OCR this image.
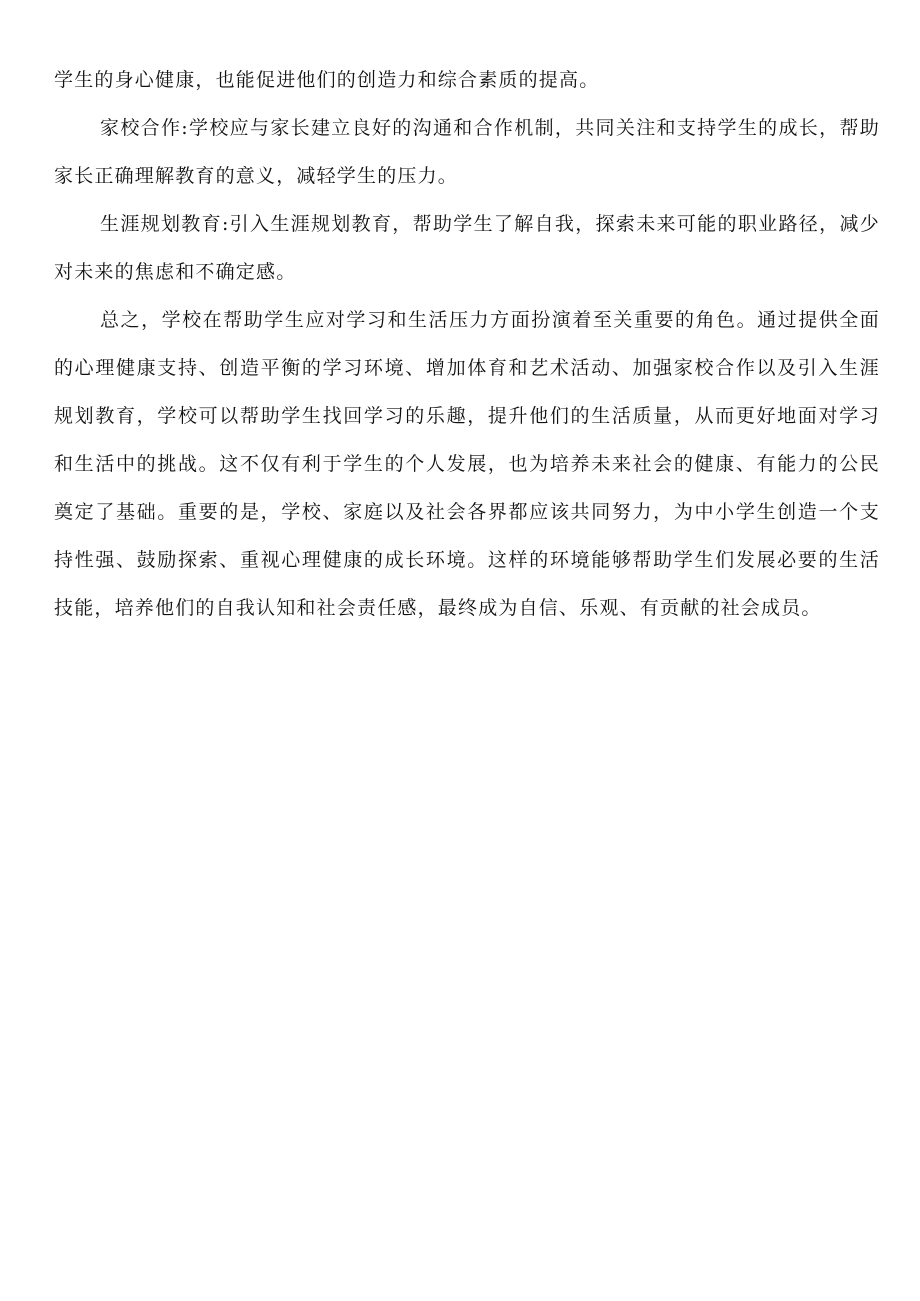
学生的身心健康，也能促进他们的创造力和综合素质的提高。

家校合作:学校应与家长建立良好的沟通和合作机制，共同关注和支持学生的成长，帮助家长正确理解教育的意义，减轻学生的压力。

生涯规划教育:引入生涯规划教育，帮助学生了解自我，探索未来可能的职业路径，减少对未来的焦虑和不确定感。

总之，学校在帮助学生应对学习和生活压力方面扮演着至关重要的角色。通过提供全面的心理健康支持、创造平衡的学习环境、增加体育和艺术活动、加强家校合作以及引入生涯规划教育，学校可以帮助学生找回学习的乐趣，提升他们的生活质量，从而更好地面对学习和生活中的挑战。这不仅有利于学生的个人发展，也为培养未来社会的健康、有能力的公民奠定了基础。重要的是，学校、家庭以及社会各界都应该共同努力，为中小学生创造一个支持性强、鼓励探索、重视心理健康的成长环境。这样的环境能够帮助学生们发展必要的生活技能，培养他们的自我认知和社会责任感，最终成为自信、乐观、有贡献的社会成员。
